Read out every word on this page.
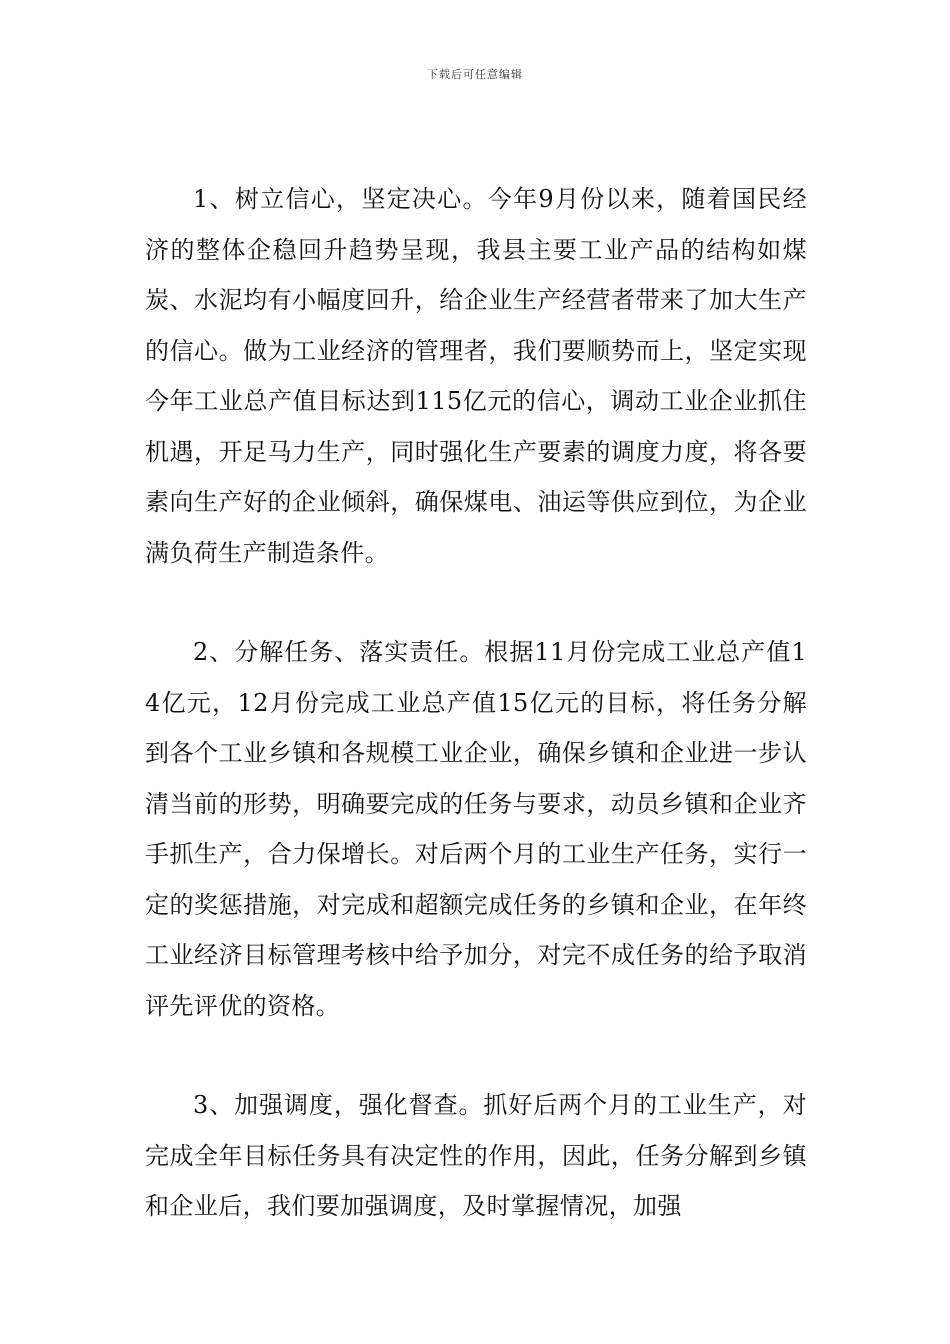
下载后可任意编辑

1、树立信心，坚定决心。今年9月份以来，随着国民经济的整体企稳回升趋势呈现，我县主要工业产品的结构如煤炭、水泥均有小幅度回升，给企业生产经营者带来了加大生产的信心。做为工业经济的管理者，我们要顺势而上，坚定实现今年工业总产值目标达到115亿元的信心，调动工业企业抓住机遇，开足马力生产，同时强化生产要素的调度力度，将各要素向生产好的企业倾斜，确保煤电、油运等供应到位，为企业满负荷生产制造条件。

2、分解任务、落实责任。根据11月份完成工业总产值14亿元，12月份完成工业总产值15亿元的目标，将任务分解到各个工业乡镇和各规模工业企业，确保乡镇和企业进一步认清当前的形势，明确要完成的任务与要求，动员乡镇和企业齐手抓生产，合力保增长。对后两个月的工业生产任务，实行一定的奖惩措施，对完成和超额完成任务的乡镇和企业，在年终工业经济目标管理考核中给予加分，对完不成任务的给予取消评先评优的资格。

3、加强调度，强化督查。抓好后两个月的工业生产，对完成全年目标任务具有决定性的作用，因此，任务分解到乡镇和企业后，我们要加强调度，及时掌握情况，加强
